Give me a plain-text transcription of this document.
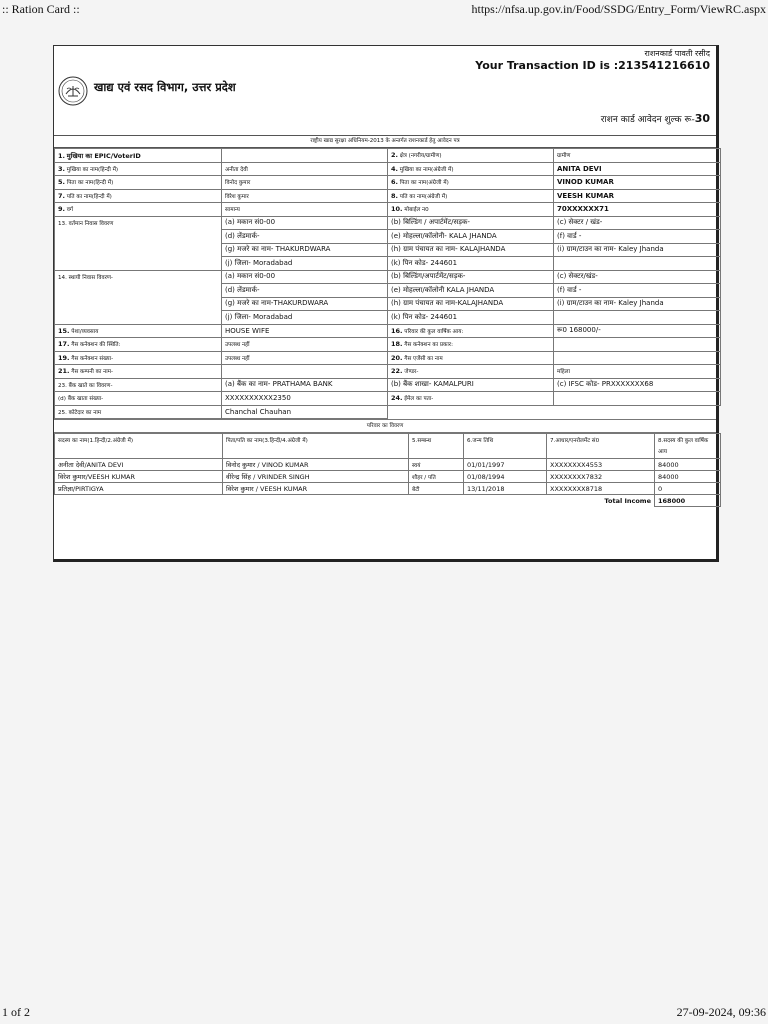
:: Ration Card ::	https://nfsa.up.gov.in/Food/SSDG/Entry_Form/ViewRC.aspx
1 of 2	27-09-2024, 09:36
खाद्य एवं रसद विभाग, उत्तर प्रदेश
राशनकार्ड पावती रसीद
Your Transaction ID is :213541216610
राशन कार्ड आवेदन शुल्क रू-30
राष्ट्रीय खाद्य सुरक्षा अधिनियम-2013 के अन्तर्गत राशनकार्ड हेतु आवेदन पत्र
1. मुखिया का EPIC/VoterID		2. क्षेत्र (नगरीय/ग्रामीण)	ग्रामीण
3. मुखिया का नाम(हिन्दी में)	अनीता देवी	4. मुखिया का नाम(अंग्रेजी में)	ANITA DEVI
5. पिता का नाम(हिन्दी में)	विनोद कुमार	6. पिता का नाम(अंग्रेजी में)	VINOD KUMAR
7. पति का नाम(हिन्दी में)	विरेश कुमार	8. पति का नाम(अंग्रेजी में)	VEESH KUMAR
9. वर्ग	सामान्य	10. मोबाईल न0	70XXXXXX71
13. वर्तमान निवास विवरण	(a) मकान सं0-00	(b) बिल्डिंग / अपार्टमेंट/सड़क-	(c) सेक्टर / खंड-
	(d) लेंडमार्क-	(e) मोहल्ला/कॉलोनी- KALA JHANDA	(f) वार्ड -
	(g) मजरे का नाम- THAKURDWARA	(h) ग्राम पंचायत का नाम- KALAJHANDA	(i) ग्राम/टाउन का नाम- Kaley Jhanda
	(j) जिला- Moradabad	(k) पिन कोड- 244601	
14. स्थायी निवास विवरण-	(a) मकान सं0-00	(b) बिल्डिंग/अपार्टमेंट/सड़क-	(c) सेक्टर/खंड-
	(d) लेंडमार्क-	(e) मोहल्ला/कॉलोनी KALA JHANDA	(f) वार्ड -
	(g) मजरे का नाम-THAKURDWARA	(h) ग्राम पंचायत का नाम-KALAJHANDA	(i) ग्राम/टाउन का नाम- Kaley Jhanda
	(j) जिला- Moradabad	(k) पिन कोड- 244601	
15. पेशा/व्यवसाय	HOUSE WIFE	16. परिवार की कुल वार्षिक आय:	रू0 168000/-
17. गैस कनेक्शन की स्थिति:	उपलब्ध नहीं	18. गैस कनेक्शन का प्रकार:	
19. गैस कनेक्शन संख्या-	उपलब्ध नहीं	20. गैस एजेंसी का नाम	
21. गैस कम्पनी का नाम-		22. जेण्डर-	महिला
23. बैंक खाते का विवरण-	(a) बैंक का नाम- PRATHAMA BANK	(b) बैंक शाखा- KAMALPURI	(c) IFSC कोड- PRXXXXXXX68
(d) बैंक खाता संख्या-	XXXXXXXXXX2350	24. ईमेल का पता-	
25. कोटेदार का नाम	Chanchal Chauhan		
परिवार का विवरण
सदस्य का नाम(1.हिन्दी/2.अंग्रेजी में)	पिता/पति का नाम(3.हिन्दी/4.अंग्रेजी में)	5.सम्बन्ध	6.जन्म तिथि	7.आधार/एनरोलमेंट सं0	8.सदस्य की कुल वार्षिक आय
अनीता देवी/ANITA DEVI	विनोद कुमार / VINOD KUMAR	स्वयं	01/01/1997	XXXXXXXX4553	84000
विरेश कुमार/VEESH KUMAR	वीरेन्द्र सिंह / VRINDER SINGH	शौहर / पति	01/08/1994	XXXXXXXX7832	84000
प्रतिज्ञा/PIRTIGYA	विरेश कुमार / VEESH KUMAR	बेटी	13/11/2018	XXXXXXXX8718	0
				Total Income	168000
